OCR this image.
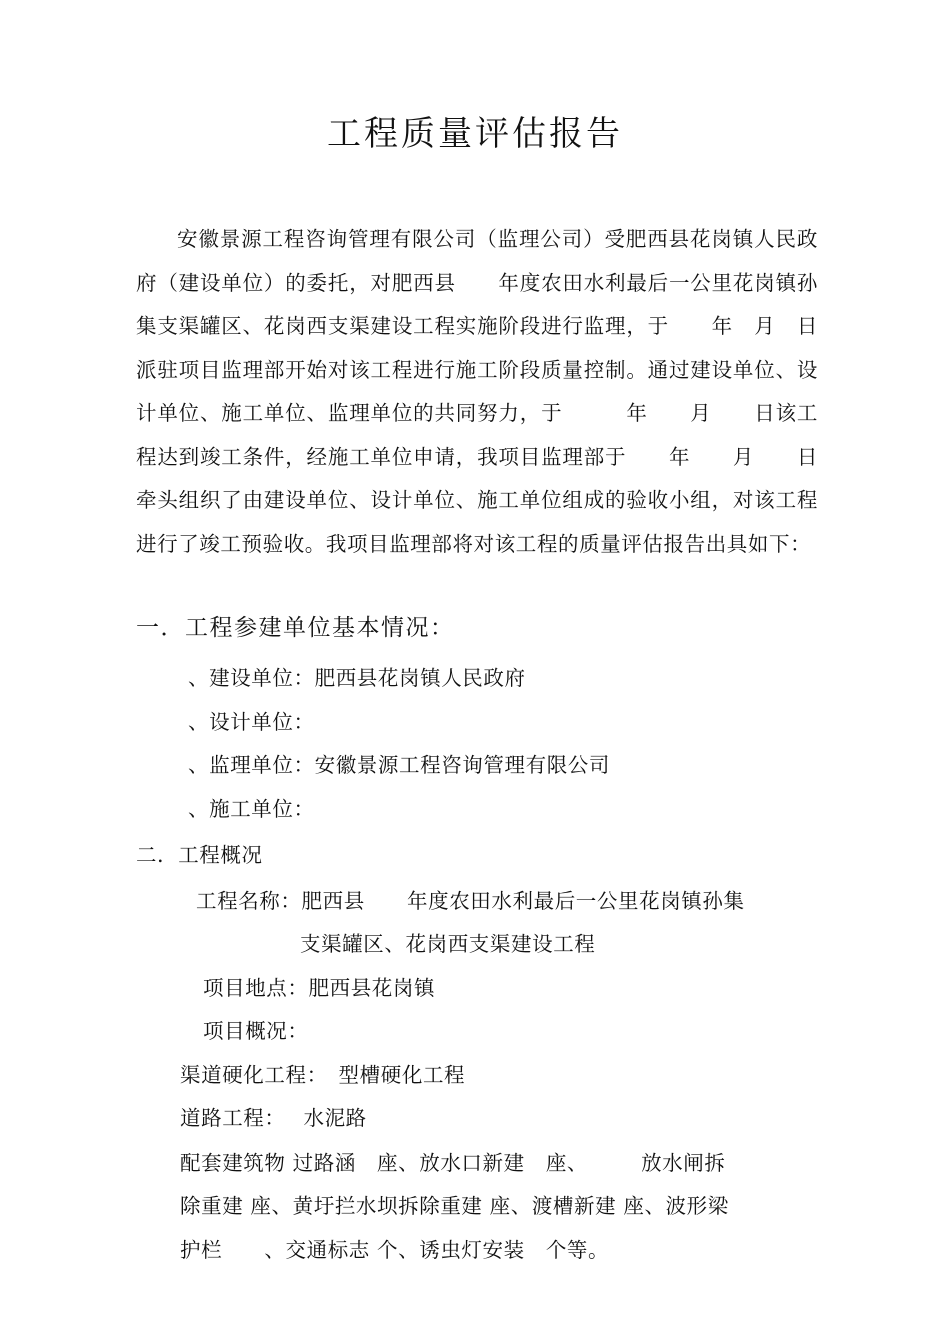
工程质量评估报告

安徽景源工程咨询管理有限公司（监理公司）受肥西县花岗镇人民政府（建设单位）的委托，对肥西县　　年度农田水利最后一公里花岗镇孙集支渠罐区、花岗西支渠建设工程实施阶段进行监理，于　　年　月　日派驻项目监理部开始对该工程进行施工阶段质量控制。通过建设单位、设计单位、施工单位、监理单位的共同努力，于　　　年　　月　　日该工程达到竣工条件，经施工单位申请，我项目监理部于　　年　　月　　日牵头组织了由建设单位、设计单位、施工单位组成的验收小组，对该工程进行了竣工预验收。我项目监理部将对该工程的质量评估报告出具如下：

一．工程参建单位基本情况：
、建设单位：肥西县花岗镇人民政府
、设计单位：
、监理单位：安徽景源工程咨询管理有限公司
、施工单位：
二．工程概况
工程名称：肥西县　　年度农田水利最后一公里花岗镇孙集
支渠罐区、花岗西支渠建设工程
项目地点：肥西县花岗镇
项目概况：
渠道硬化工程：　型槽硬化工程
道路工程：　 水泥路
配套建筑物 过路涵　座、放水口新建　座、　　　放水闸拆
除重建 座、黄圩拦水坝拆除重建 座、渡槽新建 座、波形梁
护栏　　、交通标志 个、诱虫灯安装　个等。
